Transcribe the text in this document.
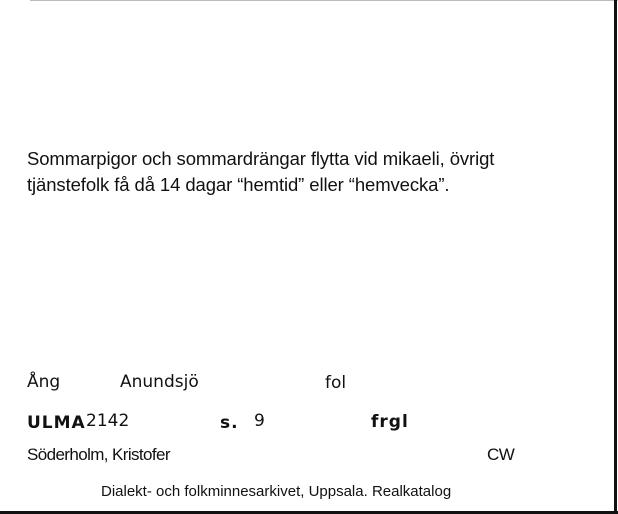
Sommarpigor och sommardrängar flytta vid mikaeli, övrigt
tjänstefolk få då 14 dagar “hemtid” eller “hemvecka”.
Ång	Anundsjö	fol
ULMA 2142	s. 9	frgl
Söderholm, Kristofer	CW
Dialekt- och folkminnesarkivet, Uppsala. Realkatalog
